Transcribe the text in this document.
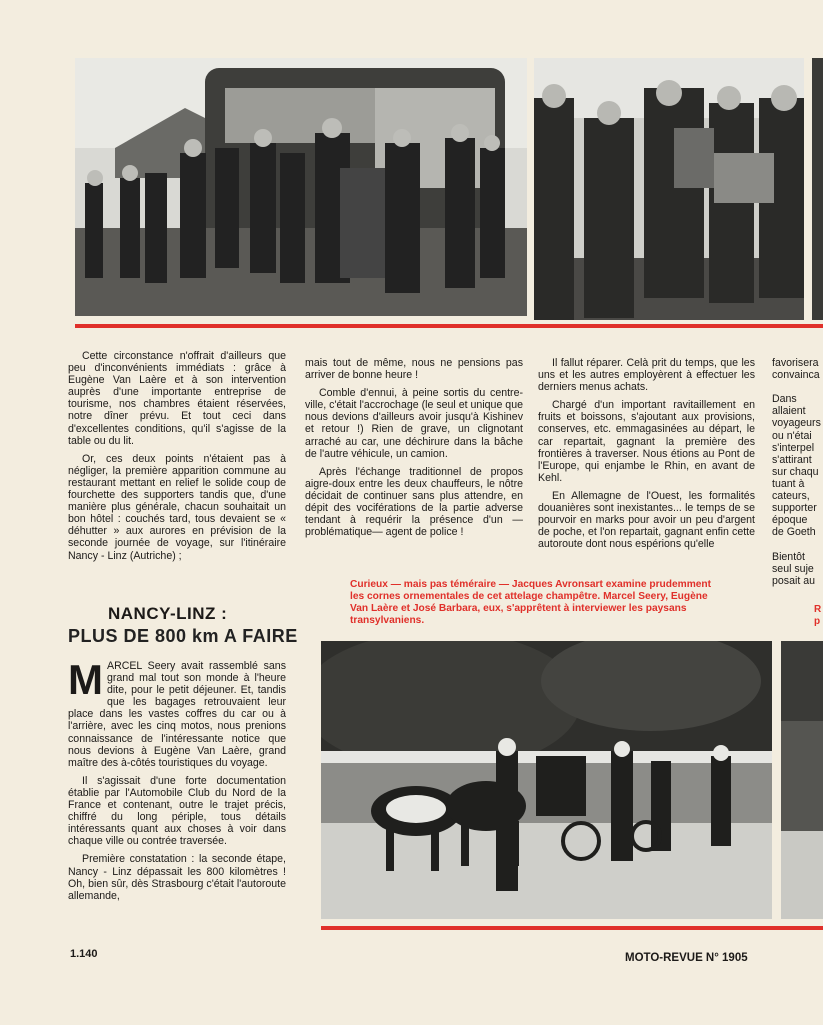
Cette circonstance n'offrait d'ailleurs que peu d'inconvénients immédiats : grâce à Eugène Van Laère et à son intervention auprès d'une importante entreprise de tourisme, nos chambres étaient réservées, notre dîner prévu. Et tout ceci dans d'excellentes conditions, qu'il s'agisse de la table ou du lit.

Or, ces deux points n'étaient pas à négliger, la première apparition commune au restaurant mettant en relief le solide coup de fourchette des supporters tandis que, d'une manière plus générale, chacun souhaitait un bon hôtel : couchés tard, tous devaient se « déhutter » aux aurores en prévision de la seconde journée de voyage, sur l'itinéraire Nancy - Linz (Autriche) ;

NANCY-LINZ :
PLUS DE 800 km A FAIRE

MARCEL Seery avait rassemblé sans grand mal tout son monde à l'heure dite, pour le petit déjeuner. Et, tandis que les bagages retrouvaient leur place dans les vastes coffres du car ou à l'arrière, avec les cinq motos, nous prenions connaissance de l'intéressante notice que nous devions à Eugène Van Laère, grand maître des à-côtés touristiques du voyage.

Il s'agissait d'une forte documentation établie par l'Automobile Club du Nord de la France et contenant, outre le trajet précis, chiffré du long périple, tous détails intéressants quant aux choses à voir dans chaque ville ou contrée traversée.

Première constatation : la seconde étape, Nancy - Linz dépassait les 800 kilomètres ! Oh, bien sûr, dès Strasbourg c'était l'autoroute allemande,

mais tout de même, nous ne pensions pas arriver de bonne heure !

Comble d'ennui, à peine sortis du centre-ville, c'était l'accrochage (le seul et unique que nous devions d'ailleurs avoir jusqu'à Kishinev et retour !) Rien de grave, un clignotant arraché au car, une déchirure dans la bâche de l'autre véhicule, un camion.

Après l'échange traditionnel de propos aigre-doux entre les deux chauffeurs, le nôtre décidait de continuer sans plus attendre, en dépit des vociférations de la partie adverse tendant à requérir la présence d'un — problématique— agent de police !

Il fallut réparer. Celà prit du temps, que les uns et les autres employèrent à effectuer les derniers menus achats.

Chargé d'un important ravitaillement en fruits et boissons, s'ajoutant aux provisions, conserves, etc. emmagasinées au départ, le car repartait, gagnant la première des frontières à traverser. Nous étions au Pont de l'Europe, qui enjambe le Rhin, en avant de Kehl.

En Allemagne de l'Ouest, les formalités douanières sont inexistantes... le temps de se pourvoir en marks pour avoir un peu d'argent de poche, et l'on repartait, gagnant enfin cette autoroute dont nous espérions qu'elle

favorisera
convainca

Dans
allaient
voyageurs
ou n'étai
s'interpel
s'attirant
sur chaqu
tuant à
cateurs,
supporter
époque
de Goeth

Bientôt
seul suje
posait au
Curieux — mais pas téméraire — Jacques Avronsart examine prudemment les cornes ornementales de cet attelage champêtre. Marcel Seery, Eugène Van Laère et José Barbara, eux, s'apprêtent à interviewer les paysans transylvaniens.
R
p
1.140	MOTO-REVUE N° 1905
